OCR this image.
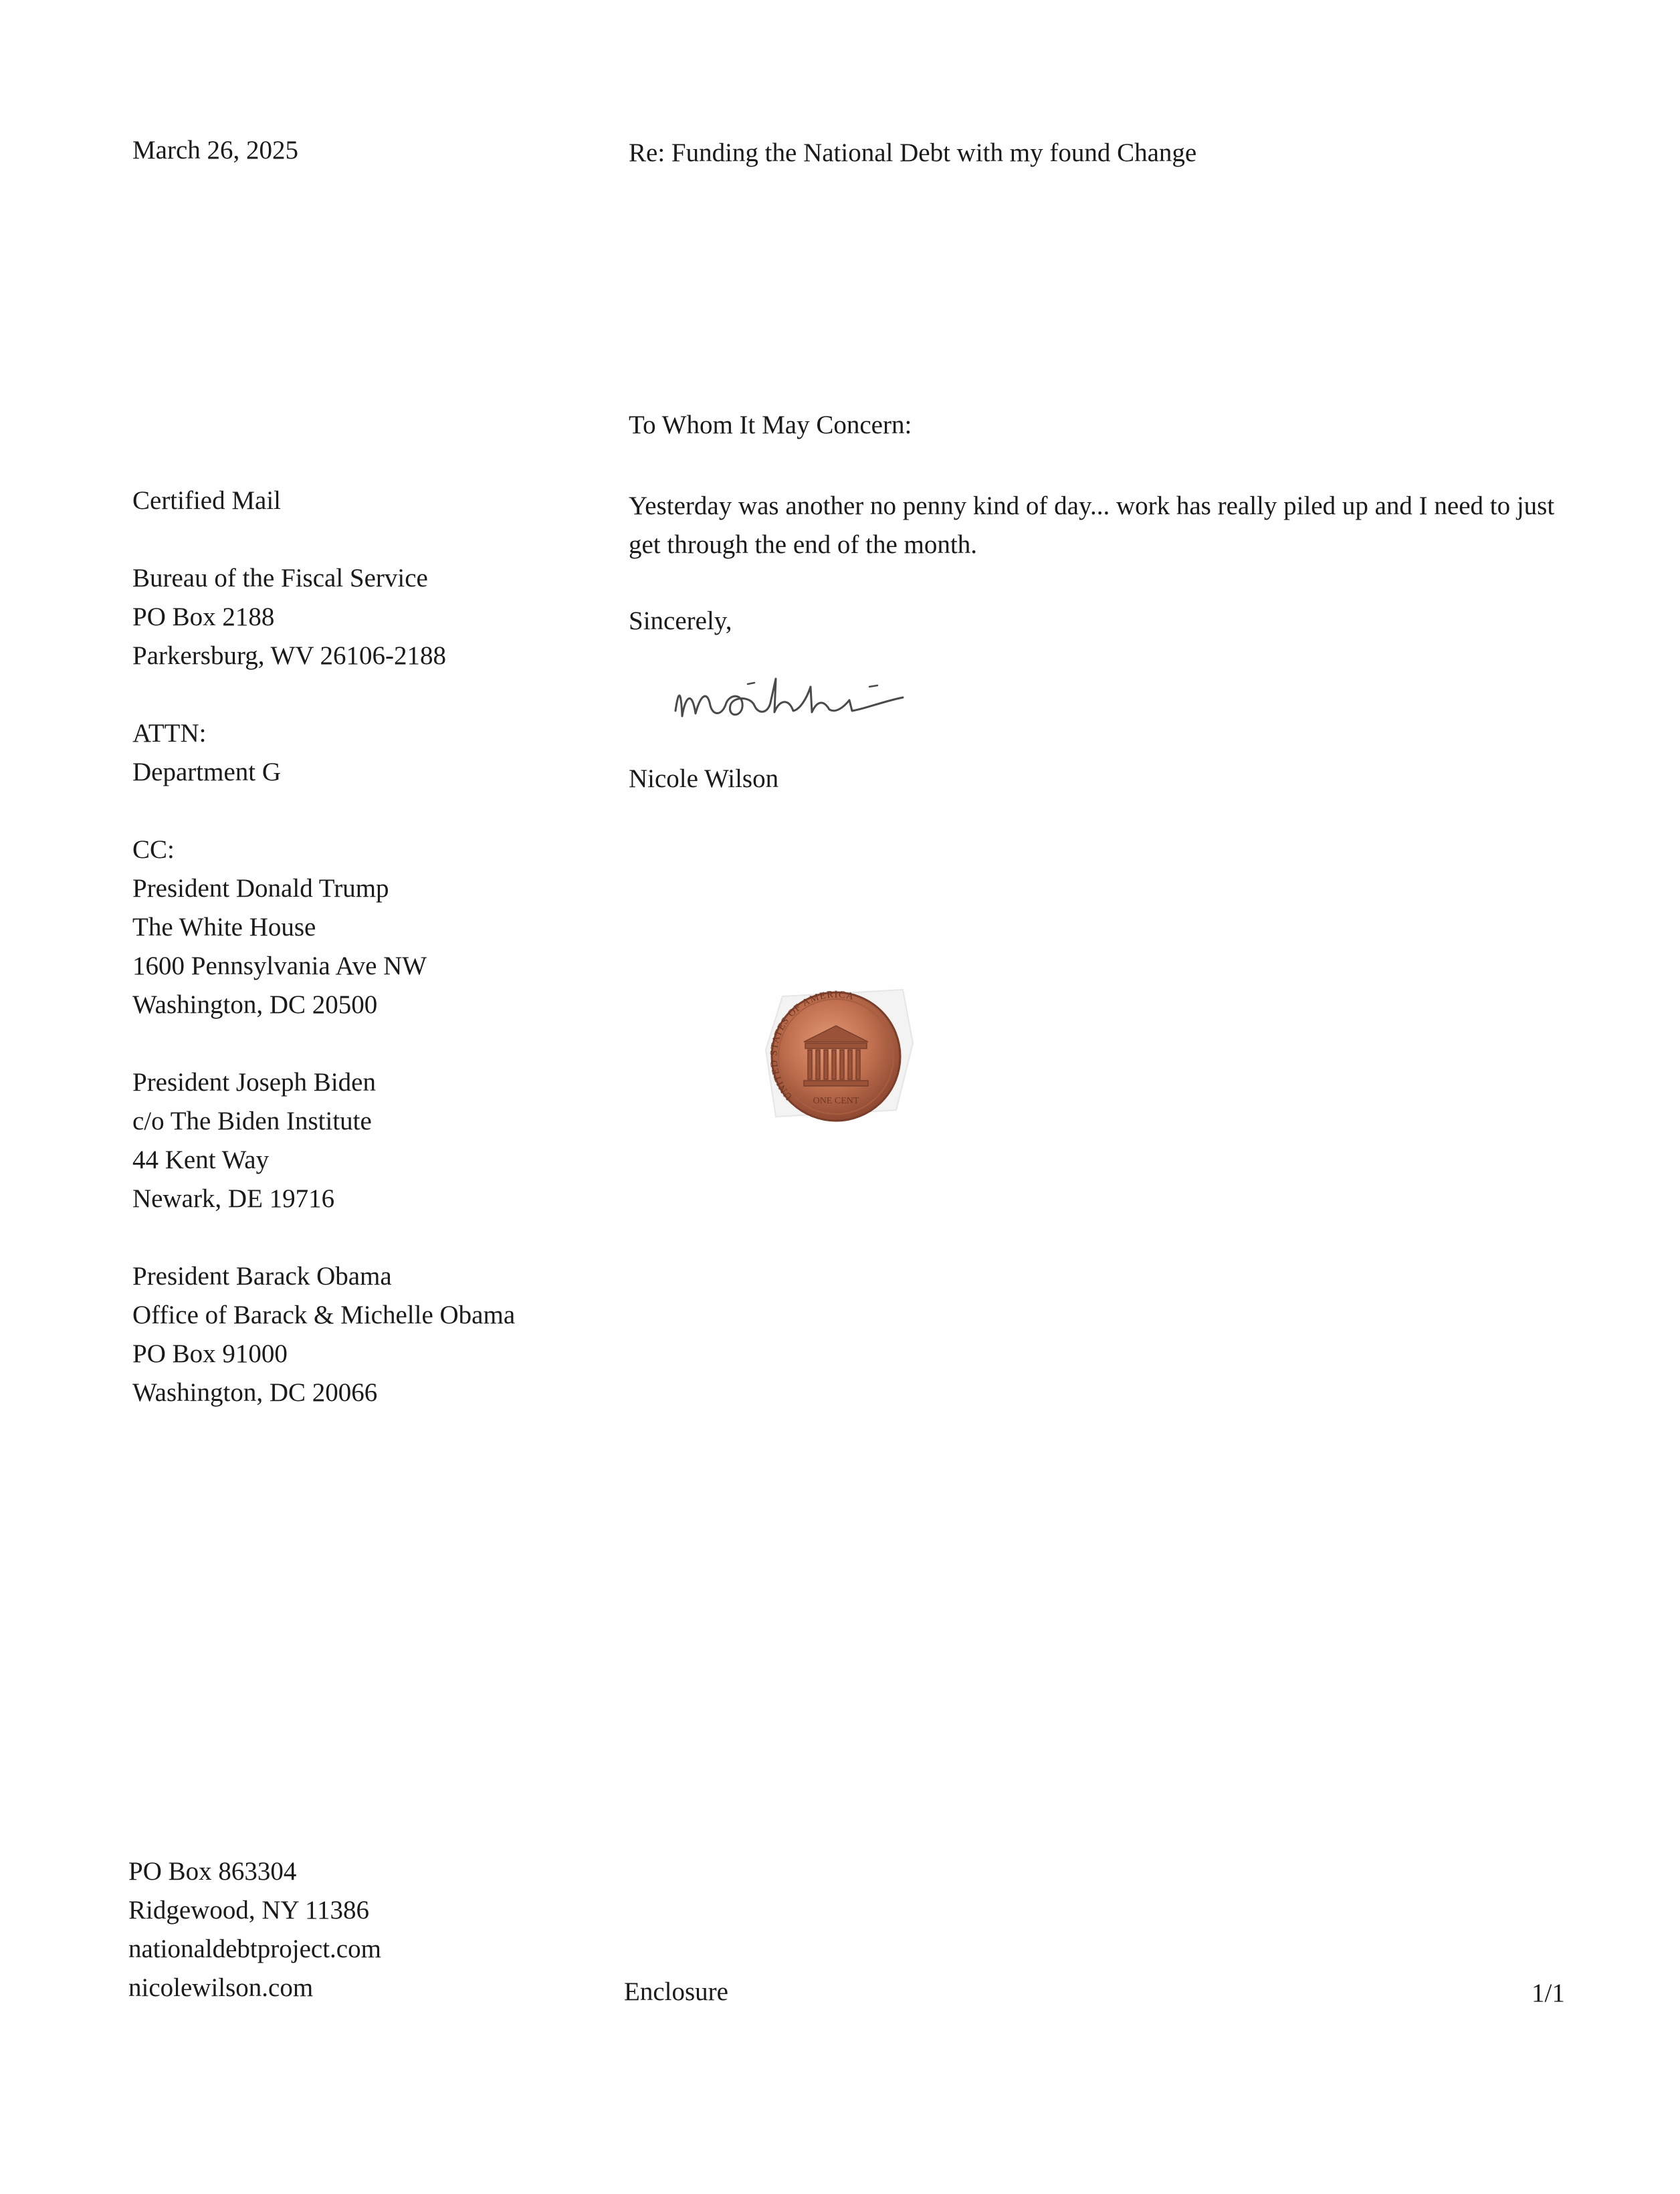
March 26, 2025	Re: Funding the National Debt with my found Change
To Whom It May Concern:
Certified Mail
Bureau of the Fiscal Service
PO Box 2188
Parkersburg, WV 26106-2188
ATTN:
Department G
CC:
President Donald Trump
The White House
1600 Pennsylvania Ave NW
Washington, DC 20500
President Joseph Biden
c/o The Biden Institute
44 Kent Way
Newark, DE 19716
President Barack Obama
Office of Barack & Michelle Obama
PO Box 91000
Washington, DC 20066
Yesterday was another no penny kind of day... work has really piled up and I need to just get through the end of the month.
Sincerely,
Nicole Wilson
UNITED STATES OF AMERICA
ONE CENT
PO Box 863304
Ridgewood, NY 11386
nationaldebtproject.com
nicolewilson.com	Enclosure	1/1
